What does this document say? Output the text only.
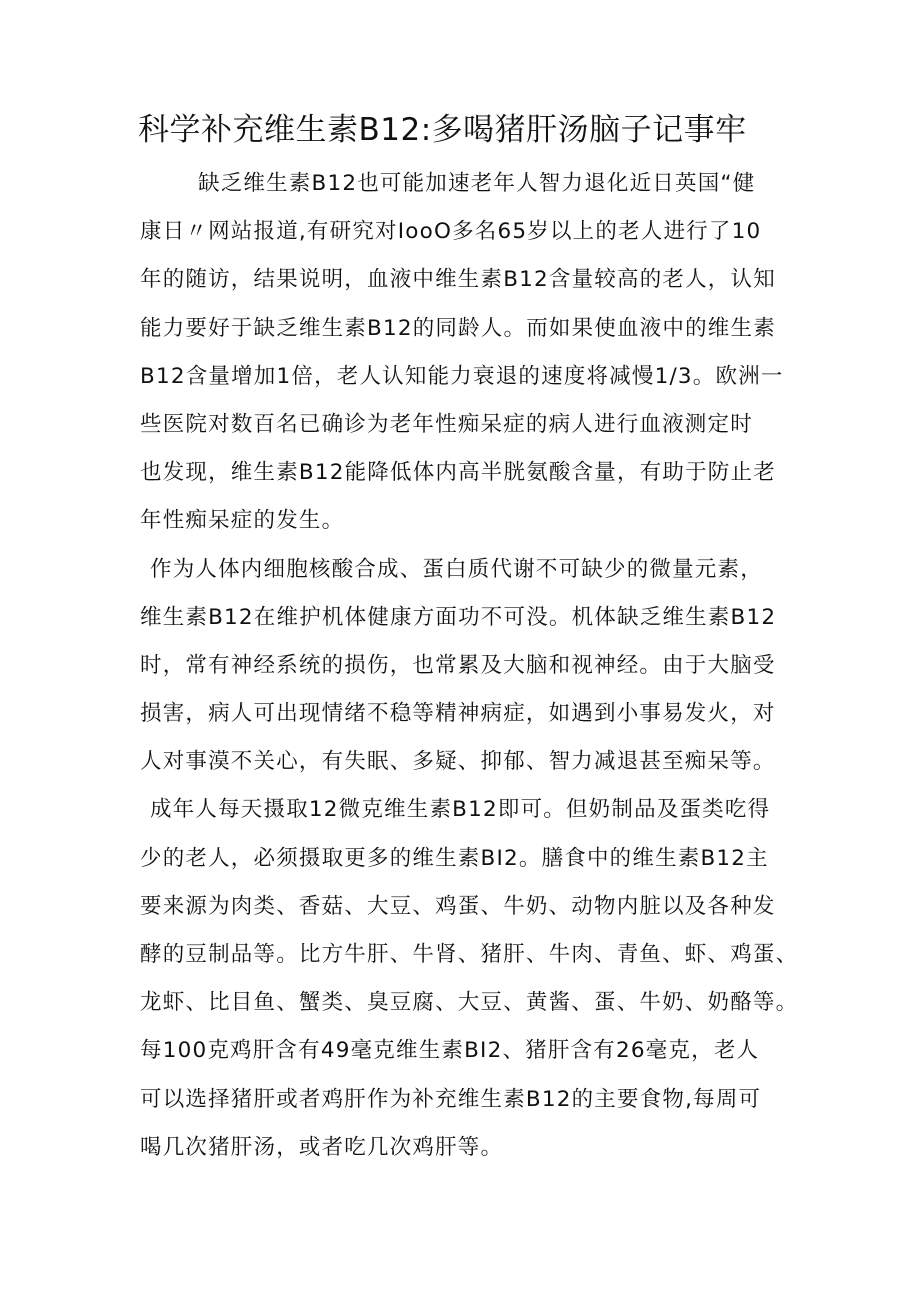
科学补充维生素B12:多喝猪肝汤脑子记事牢
缺乏维生素B12也可能加速老年人智力退化近日英国“健
康日〃网站报道,有研究对IooO多名65岁以上的老人进行了10
年的随访，结果说明，血液中维生素B12含量较高的老人，认知
能力要好于缺乏维生素B12的同龄人。而如果使血液中的维生素
B12含量增加1倍，老人认知能力衰退的速度将减慢1/3。欧洲一
些医院对数百名已确诊为老年性痴呆症的病人进行血液测定时
也发现，维生素B12能降低体内高半胱氨酸含量，有助于防止老
年性痴呆症的发生。
作为人体内细胞核酸合成、蛋白质代谢不可缺少的微量元素，
维生素B12在维护机体健康方面功不可没。机体缺乏维生素B12
时，常有神经系统的损伤，也常累及大脑和视神经。由于大脑受
损害，病人可出现情绪不稳等精神病症，如遇到小事易发火，对
人对事漠不关心，有失眠、多疑、抑郁、智力减退甚至痴呆等。
成年人每天摄取12微克维生素B12即可。但奶制品及蛋类吃得
少的老人，必须摄取更多的维生素BI2。膳食中的维生素B12主
要来源为肉类、香菇、大豆、鸡蛋、牛奶、动物内脏以及各种发
酵的豆制品等。比方牛肝、牛肾、猪肝、牛肉、青鱼、虾、鸡蛋、
龙虾、比目鱼、蟹类、臭豆腐、大豆、黄酱、蛋、牛奶、奶酪等。
每100克鸡肝含有49毫克维生素BI2、猪肝含有26毫克，老人
可以选择猪肝或者鸡肝作为补充维生素B12的主要食物,每周可
喝几次猪肝汤，或者吃几次鸡肝等。
